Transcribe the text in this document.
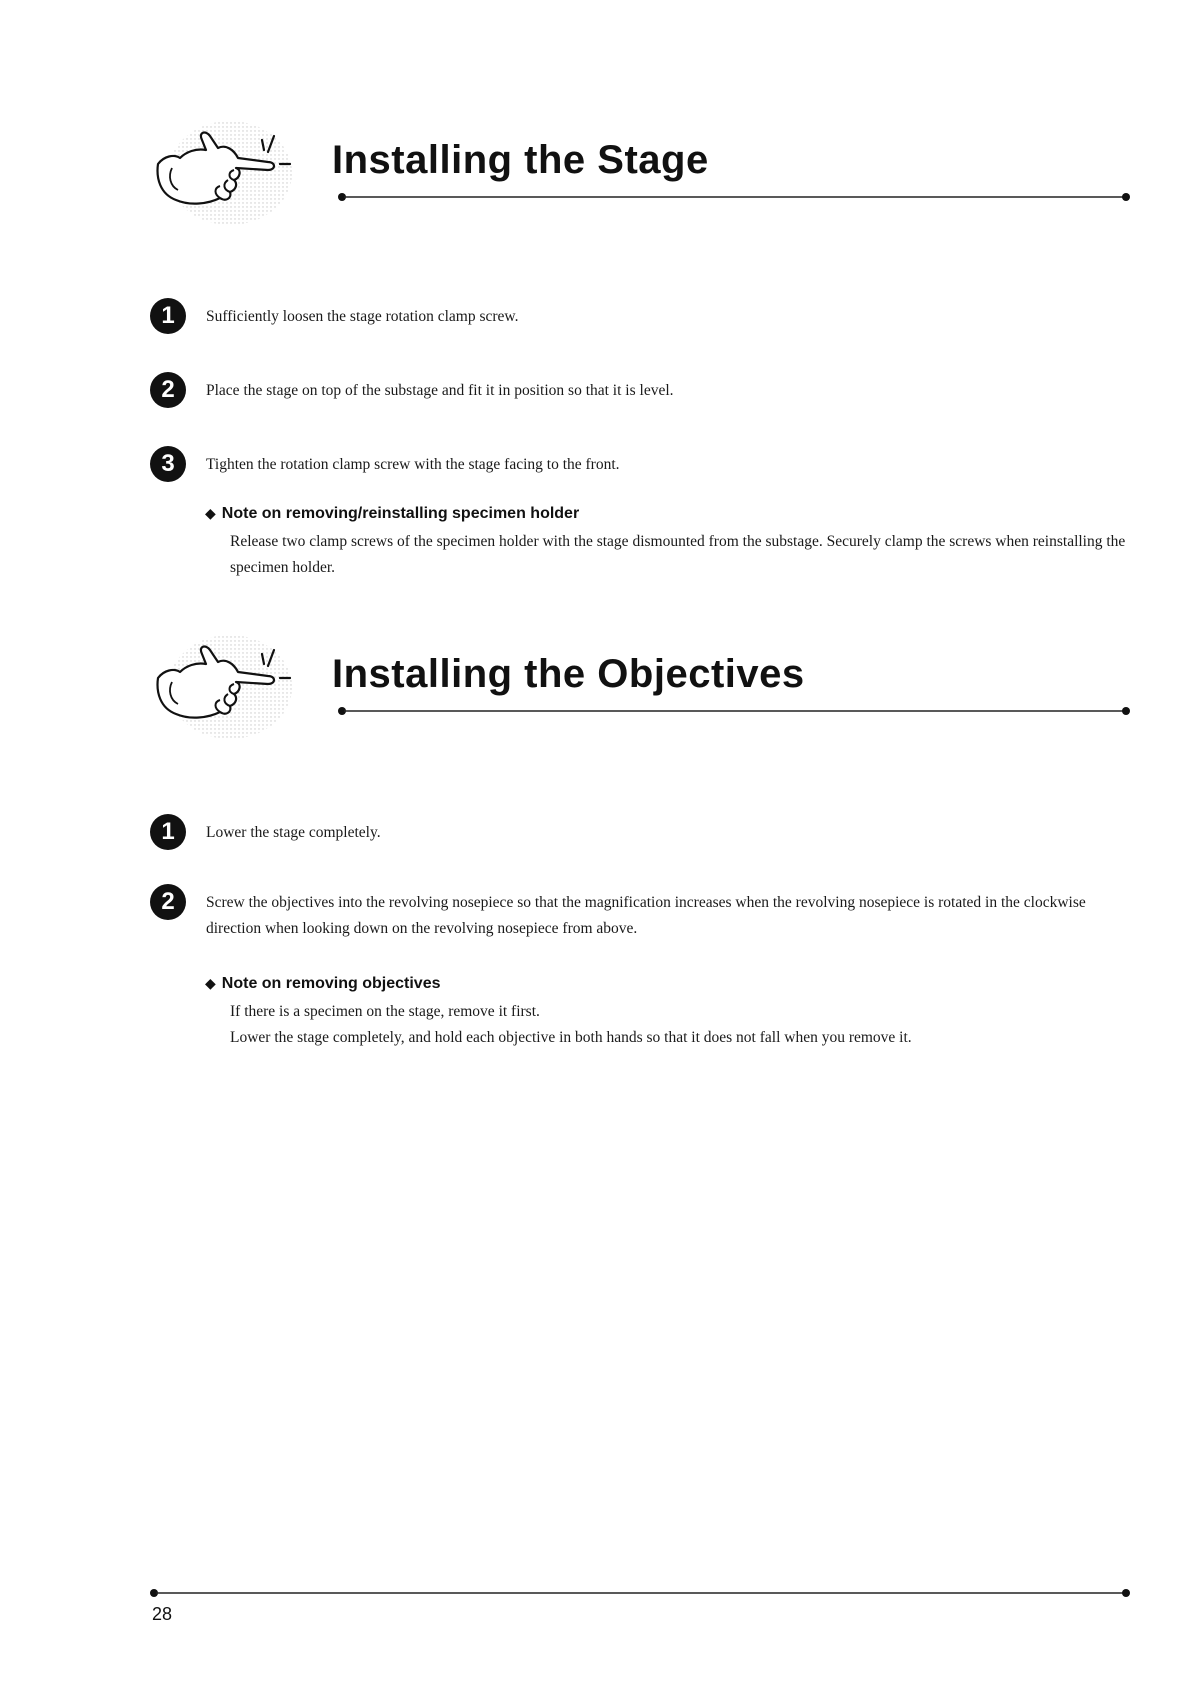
Installing the Stage
1	Sufficiently loosen the stage rotation clamp screw.
2	Place the stage on top of the substage and fit it in position so that it is level.
3	Tighten the rotation clamp screw with the stage facing to the front.
◆ Note on removing/reinstalling specimen holder

Release two clamp screws of the specimen holder with the stage dismounted from the substage. Securely clamp the screws when reinstalling the specimen holder.

Installing the Objectives
1	Lower the stage completely.
2	Screw the objectives into the revolving nosepiece so that the magnification increases when the revolving nosepiece is rotated in the clockwise direction when looking down on the revolving nosepiece from above.
◆ Note on removing objectives

If there is a specimen on the stage, remove it first.

Lower the stage completely, and hold each objective in both hands so that it does not fall when you remove it.

28
